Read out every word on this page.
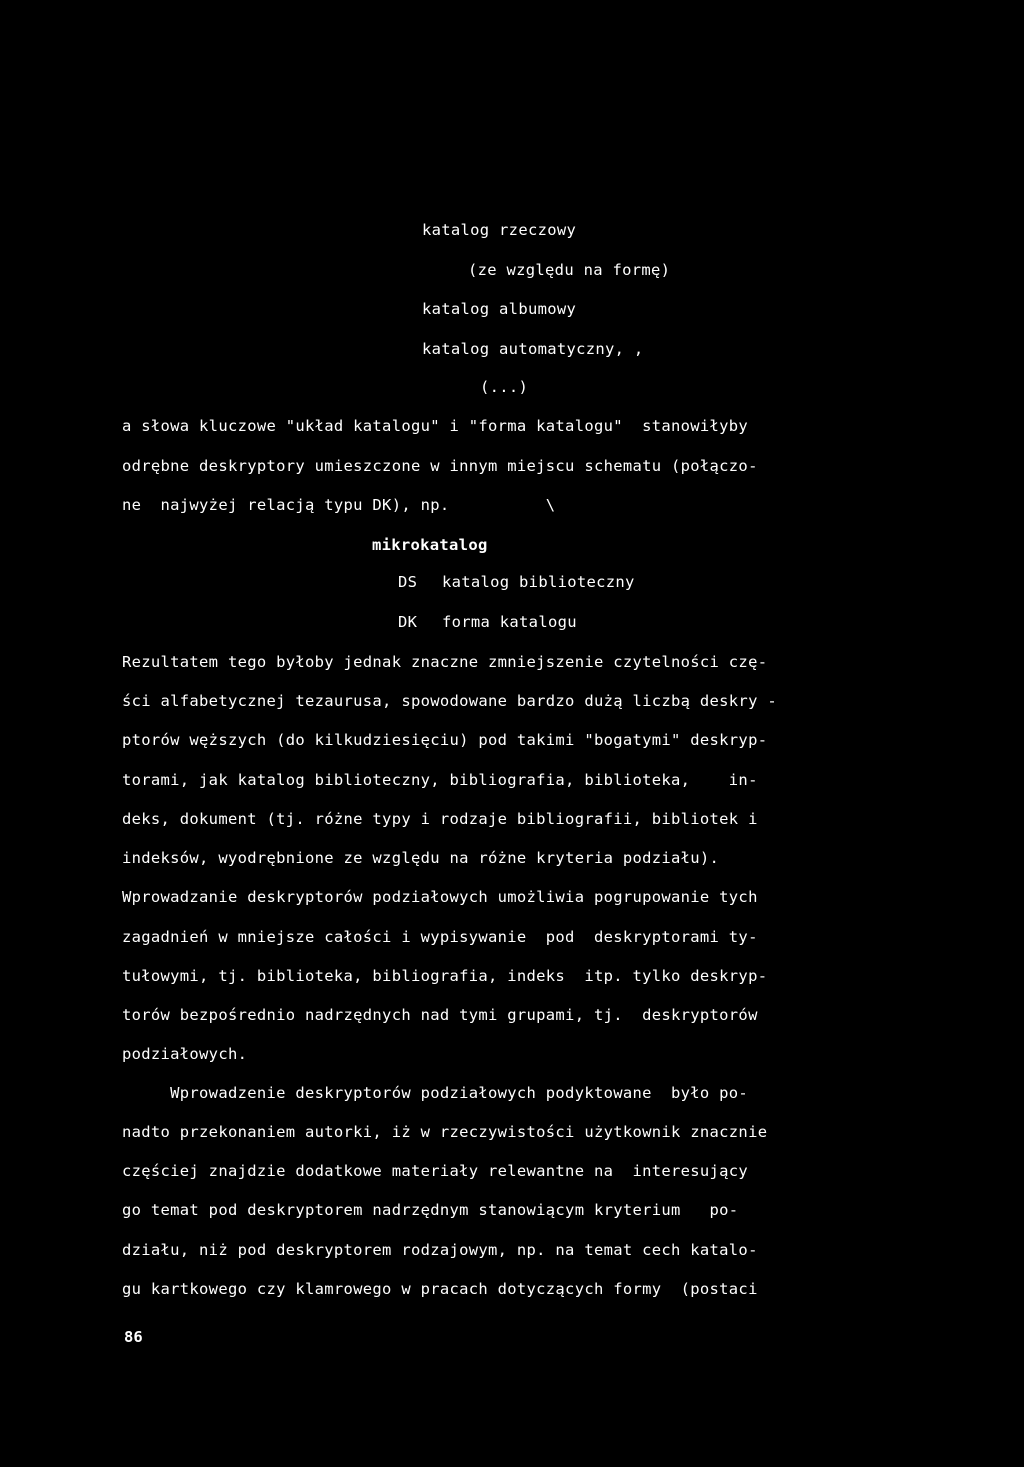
katalog rzeczowy
(ze względu na formę)
katalog albumowy
katalog automatyczny, ,
(...)
a słowa kluczowe "układ katalogu" i "forma katalogu"  stanowiłyby
odrębne deskryptory umieszczone w innym miejscu schematu (połączo-
ne  najwyżej relacją typu DK), np.          \
mikrokatalog
DS katalog biblioteczny
DK forma katalogu
Rezultatem tego byłoby jednak znaczne zmniejszenie czytelności czę-
ści alfabetycznej tezaurusa, spowodowane bardzo dużą liczbą deskry -
ptorów węższych (do kilkudziesięciu) pod takimi "bogatymi" deskryp-
torami, jak katalog biblioteczny, bibliografia, biblioteka,    in-
deks, dokument (tj. różne typy i rodzaje bibliografii, bibliotek i
indeksów, wyodrębnione ze względu na różne kryteria podziału).
Wprowadzanie deskryptorów podziałowych umożliwia pogrupowanie tych
zagadnień w mniejsze całości i wypisywanie  pod  deskryptorami ty-
tułowymi, tj. biblioteka, bibliografia, indeks  itp. tylko deskryp-
torów bezpośrednio nadrzędnych nad tymi grupami, tj.  deskryptorów
podziałowych.
Wprowadzenie deskryptorów podziałowych podyktowane  było po-
nadto przekonaniem autorki, iż w rzeczywistości użytkownik znacznie
częściej znajdzie dodatkowe materiały relewantne na  interesujący
go temat pod deskryptorem nadrzędnym stanowiącym kryterium   po-
działu, niż pod deskryptorem rodzajowym, np. na temat cech katalo-
gu kartkowego czy klamrowego w pracach dotyczących formy  (postaci
86
